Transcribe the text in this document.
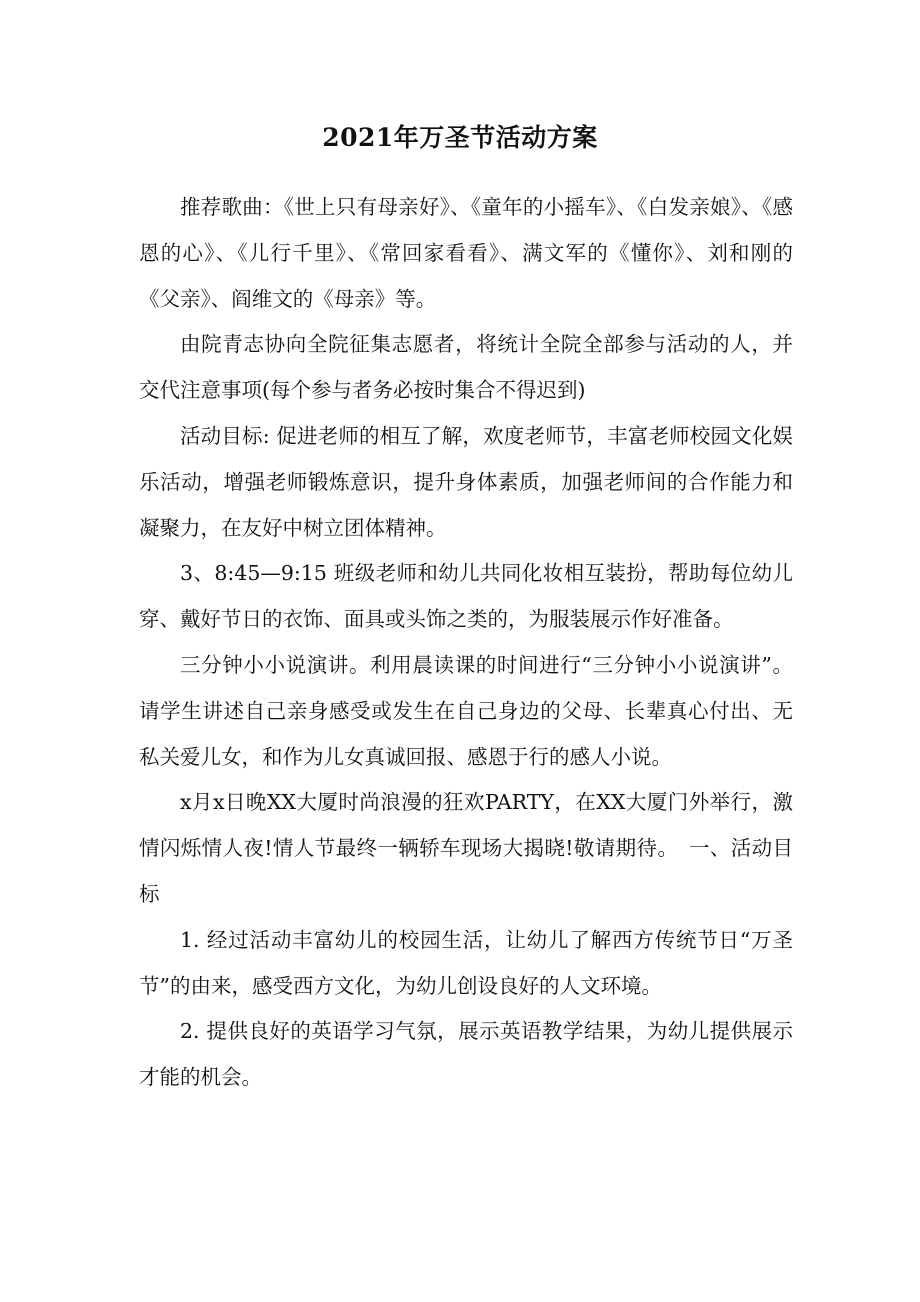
2021年万圣节活动方案

推荐歌曲：《世上只有母亲好》、《童年的小摇车》、《白发亲娘》、《感恩的心》、《儿行千里》、《常回家看看》、满文军的《懂你》、刘和刚的《父亲》、阎维文的《母亲》等。

由院青志协向全院征集志愿者，将统计全院全部参与活动的人，并交代注意事项(每个参与者务必按时集合不得迟到)

活动目标: 促进老师的相互了解，欢度老师节，丰富老师校园文化娱乐活动，增强老师锻炼意识，提升身体素质，加强老师间的合作能力和凝聚力，在友好中树立团体精神。

3、8:45—9:15 班级老师和幼儿共同化妆相互装扮，帮助每位幼儿穿、戴好节日的衣饰、面具或头饰之类的，为服装展示作好准备。

三分钟小小说演讲。利用晨读课的时间进行“三分钟小小说演讲”。请学生讲述自己亲身感受或发生在自己身边的父母、长辈真心付出、无私关爱儿女，和作为儿女真诚回报、感恩于行的感人小说。

x月x日晚XX大厦时尚浪漫的狂欢PARTY，在XX大厦门外举行，激情闪烁情人夜!情人节最终一辆轿车现场大揭晓!敬请期待。　一、活动目标

1. 经过活动丰富幼儿的校园生活，让幼儿了解西方传统节日“万圣节”的由来，感受西方文化，为幼儿创设良好的人文环境。

2. 提供良好的英语学习气氛，展示英语教学结果，为幼儿提供展示才能的机会。
